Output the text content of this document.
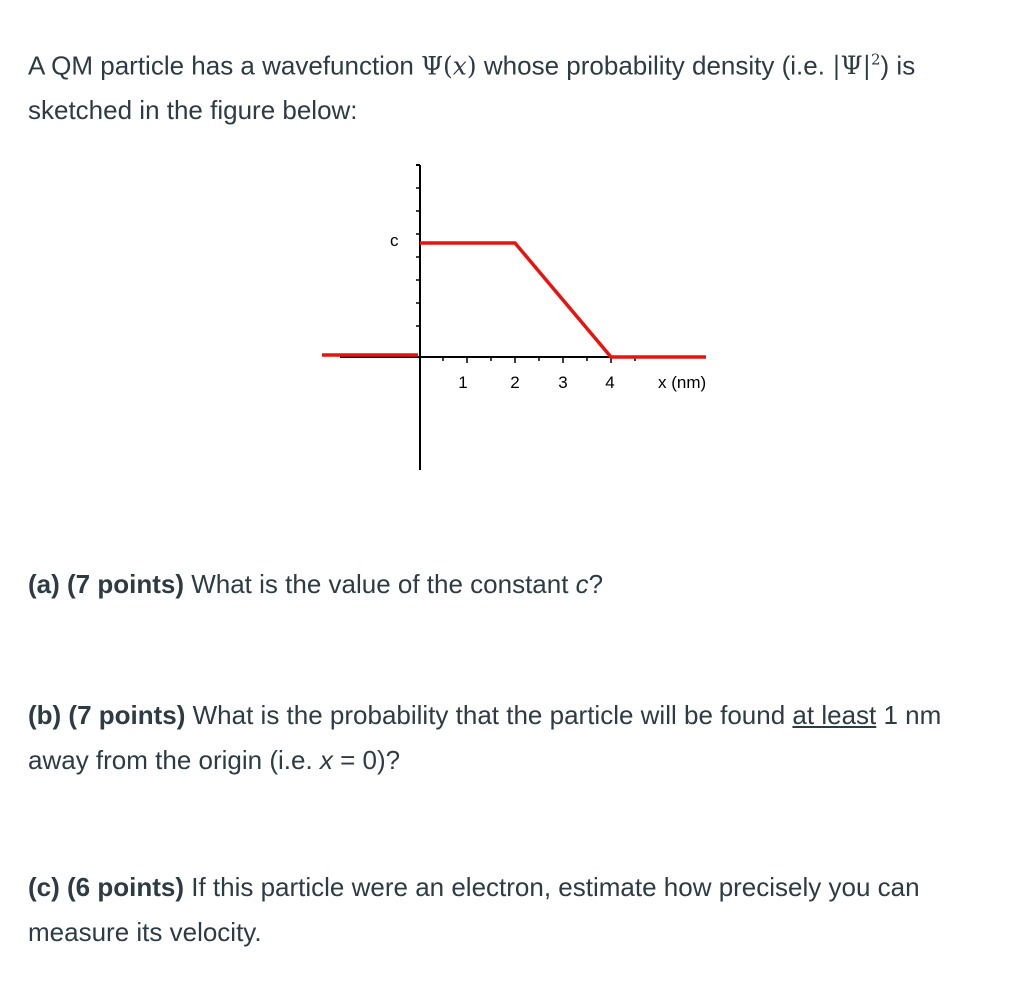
A QM particle has a wavefunction Ψ(x) whose probability density (i.e. $|\Psi|^2$) is sketched in the figure below:

c
1	2 3 4	x (nm)

(a) (7 points) What is the value of the constant c?

(b) (7 points) What is the probability that the particle will be found at least 1 nm away from the origin (i.e. x = 0)?

(c) (6 points) If this particle were an electron, estimate how precisely you can measure its velocity.
